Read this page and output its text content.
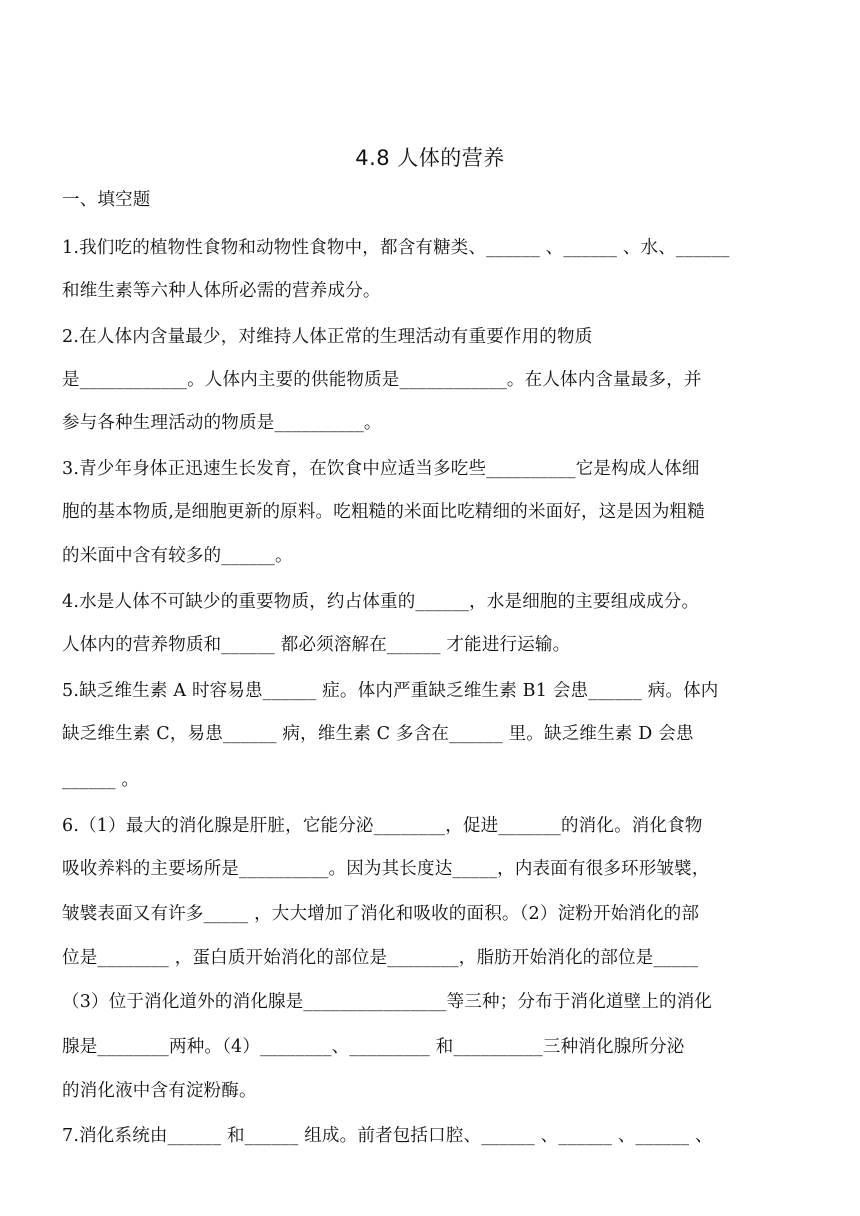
4.8 人体的营养
一、填空题
1.我们吃的植物性食物和动物性食物中，都含有糖类、______ 、______ 、水、______
和维生素等六种人体所必需的营养成分。
2.在人体内含量最少，对维持人体正常的生理活动有重要作用的物质
是____________。人体内主要的供能物质是____________。在人体内含量最多，并
参与各种生理活动的物质是__________。
3.青少年身体正迅速生长发育，在饮食中应适当多吃些__________它是构成人体细
胞的基本物质,是细胞更新的原料。吃粗糙的米面比吃精细的米面好，这是因为粗糙
的米面中含有较多的______。
4.水是人体不可缺少的重要物质，约占体重的______，水是细胞的主要组成成分。
人体内的营养物质和______ 都必须溶解在______ 才能进行运输。
5.缺乏维生素 A 时容易患______ 症。体内严重缺乏维生素 B1 会患______ 病。体内
缺乏维生素 C，易患______ 病，维生素 C 多含在______ 里。缺乏维生素 D 会患
______ 。
6.（1）最大的消化腺是肝脏，它能分泌________，促进_______的消化。消化食物
吸收养料的主要场所是__________。因为其长度达_____，内表面有很多环形皱襞，
皱襞表面又有许多_____ ，大大增加了消化和吸收的面积。（2）淀粉开始消化的部
位是________ ，蛋白质开始消化的部位是________，脂肪开始消化的部位是_____
（3）位于消化道外的消化腺是________________等三种；分布于消化道壁上的消化
腺是________两种。（4）________、_________ 和__________三种消化腺所分泌
的消化液中含有淀粉酶。
7.消化系统由______ 和______ 组成。前者包括口腔、______ 、______ 、______ 、
